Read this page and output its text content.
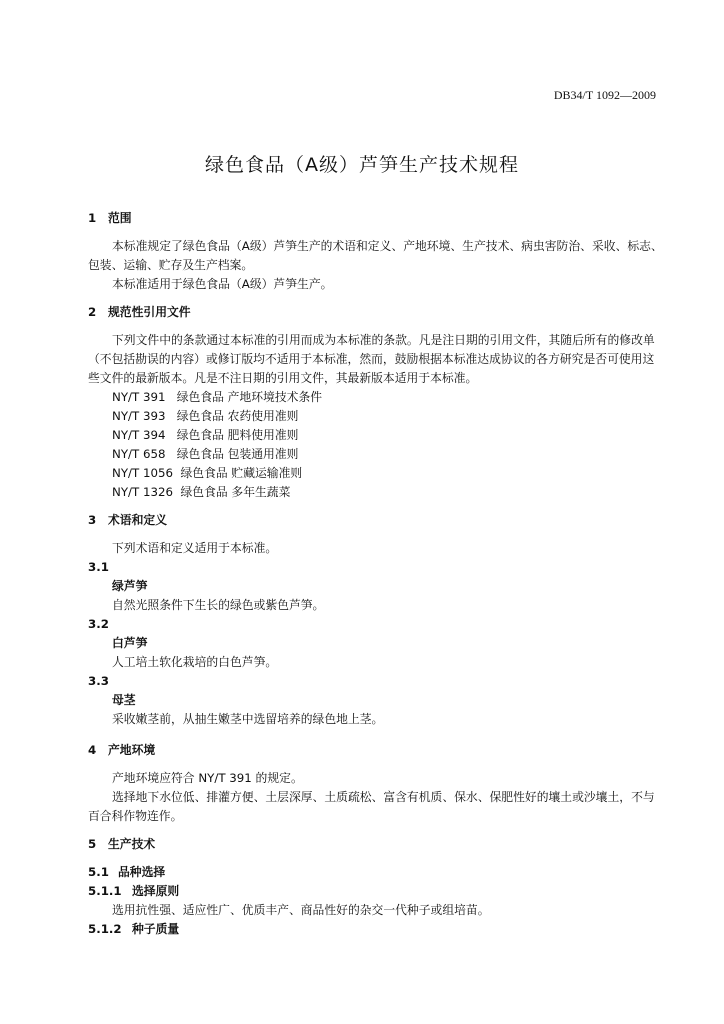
DB34/T 1092—2009
绿色食品（A级）芦笋生产技术规程
1 范围

本标准规定了绿色食品（A级）芦笋生产的术语和定义、产地环境、生产技术、病虫害防治、采收、标志、包装、运输、贮存及生产档案。

本标准适用于绿色食品（A级）芦笋生产。

2 规范性引用文件

下列文件中的条款通过本标准的引用而成为本标准的条款。凡是注日期的引用文件，其随后所有的修改单（不包括勘误的内容）或修订版均不适用于本标准，然而，鼓励根据本标准达成协议的各方研究是否可使用这些文件的最新版本。凡是不注日期的引用文件，其最新版本适用于本标准。

NY/T 391   绿色食品 产地环境技术条件
NY/T 393   绿色食品 农药使用准则
NY/T 394   绿色食品 肥料使用准则
NY/T 658   绿色食品 包装通用准则
NY/T 1056  绿色食品 贮藏运输准则
NY/T 1326  绿色食品 多年生蔬菜
3 术语和定义

下列术语和定义适用于本标准。

3.1
绿芦笋
自然光照条件下生长的绿色或紫色芦笋。
3.2
白芦笋
人工培土软化栽培的白色芦笋。
3.3
母茎
采收嫩茎前，从抽生嫩茎中选留培养的绿色地上茎。
4 产地环境

产地环境应符合 NY/T 391 的规定。

选择地下水位低、排灌方便、土层深厚、土质疏松、富含有机质、保水、保肥性好的壤土或沙壤土，不与百合科作物连作。

5 生产技术
5.1 品种选择
5.1.1 选择原则

选用抗性强、适应性广、优质丰产、商品性好的杂交一代种子或组培苗。

5.1.2 种子质量
